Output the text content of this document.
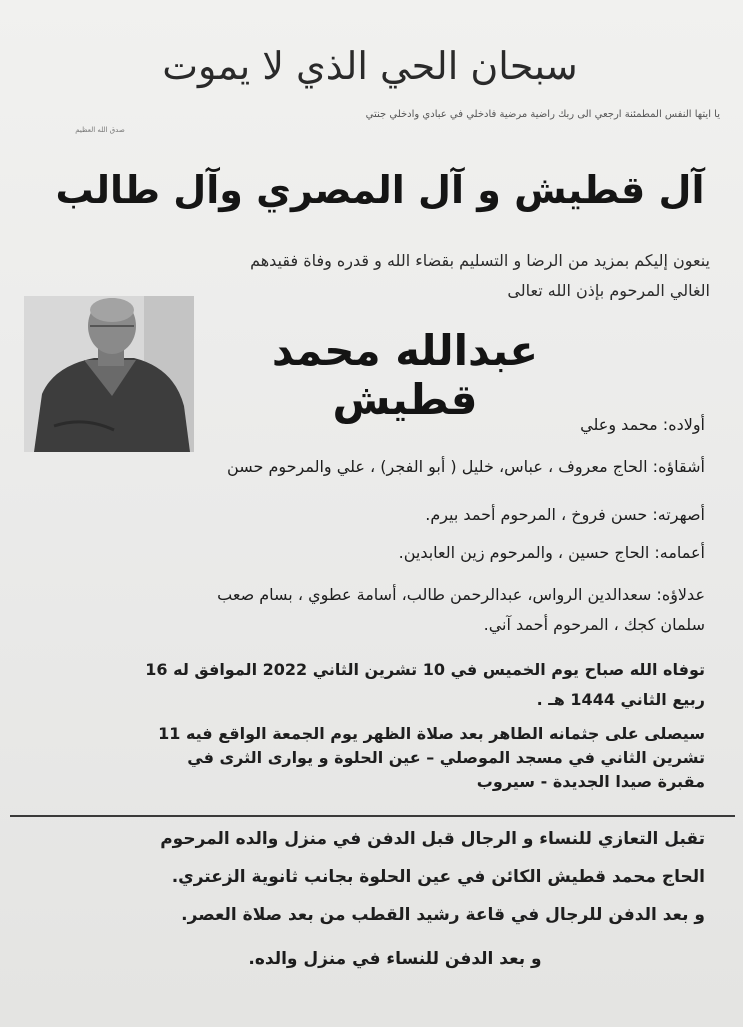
سبحان الحي الذي لا يموت
يا ايتها النفس المطمئنة ارجعي الى ربك راضية مرضية فادخلي في عبادي وادخلي جنتي
صدق الله العظيم
آل قطيش و آل المصري وآل طالب
ينعون إليكم بمزيد من الرضا و التسليم بقضاء الله و قدره وفاة فقيدهم
الغالي المرحوم بإذن الله تعالى
عبدالله محمد قطيش
أولاده: محمد وعلي
أشقاؤه: الحاج معروف ، عباس، خليل ( أبو الفجر) ، علي والمرحوم حسن
أصهرته: حسن فروخ ، المرحوم أحمد بيرم.
أعمامه: الحاج حسين ، والمرحوم زين العابدين.
عدلاؤه: سعدالدين الرواس، عبدالرحمن طالب، أسامة عطوي ، بسام صعب
سلمان كجك ، المرحوم أحمد آني.
توفاه الله صباح يوم الخميس في 10 تشرين الثاني 2022 الموافق له 16
ربيع الثاني 1444 هـ .
سيصلى على جثمانه الطاهر بعد صلاة الظهر يوم الجمعة الواقع فيه 11
تشرين الثاني في مسجد الموصلي – عين الحلوة و يوارى الثرى في
مقبرة صيدا الجديدة - سيروب
تقبل التعازي للنساء و الرجال قبل الدفن في منزل والده المرحوم
الحاج محمد قطيش الكائن في عين الحلوة بجانب ثانوية الزعتري.
و بعد الدفن للرجال في قاعة رشيد القطب من بعد صلاة العصر.
و بعد الدفن للنساء في منزل والده.
